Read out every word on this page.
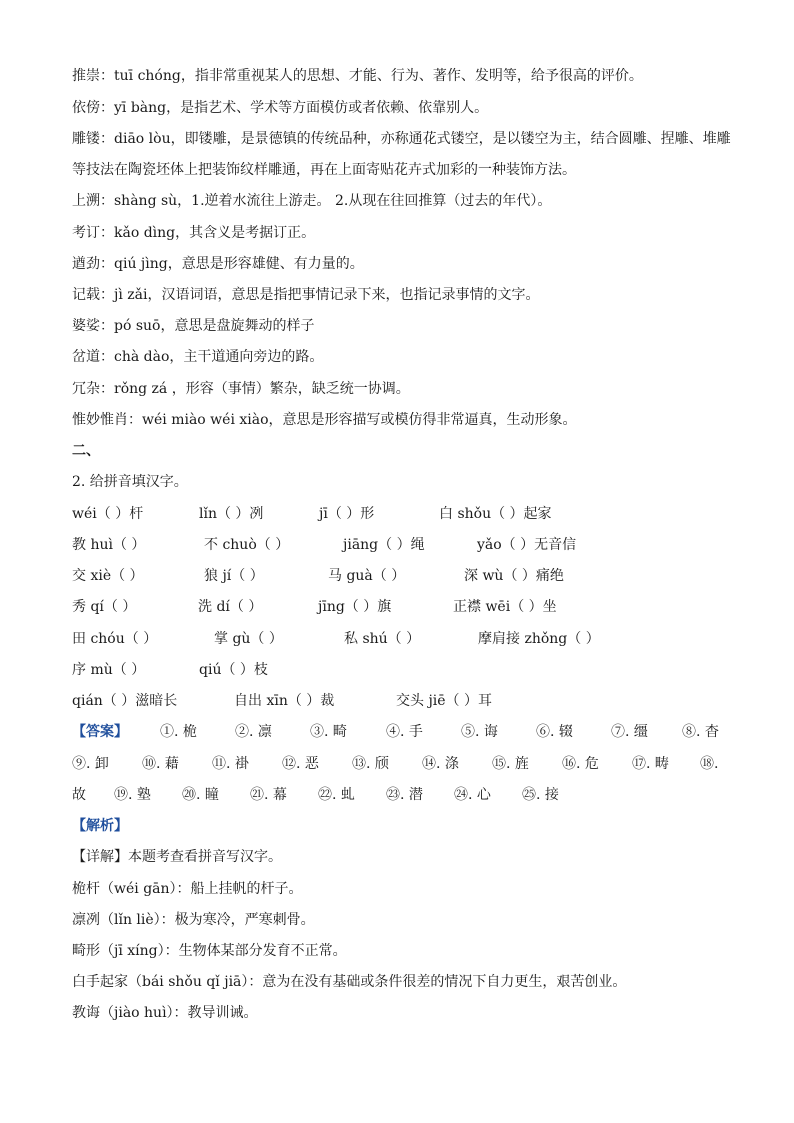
推崇：tuī chóng，指非常重视某人的思想、才能、行为、著作、发明等，给予很高的评价。
依傍：yī bàng，是指艺术、学术等方面模仿或者依赖、依靠别人。
雕镂：diāo lòu，即镂雕，是景德镇的传统品种，亦称通花式镂空，是以镂空为主，结合圆雕、捏雕、堆雕
等技法在陶瓷坯体上把装饰纹样雕通，再在上面寄贴花卉式加彩的一种装饰方法。
上溯：shàng sù，1.逆着水流往上游走。 2.从现在往回推算（过去的年代）。
考订：kǎo dìng，其含义是考据订正。
遒劲：qiú jìng，意思是形容雄健、有力量的。
记载：jì zǎi，汉语词语，意思是指把事情记录下来，也指记录事情的文字。
婆娑：pó suō，意思是盘旋舞动的样子
岔道：chà dào，主干道通向旁边的路。
冗杂：rǒng zá ，形容（事情）繁杂，缺乏统一协调。
惟妙惟肖：wéi miào wéi xiào，意思是形容描写或模仿得非常逼真，生动形象。
二、
2. 给拼音填汉字。
wéi（ ）杆	lǐn（ ）冽	jī（ ）形	白 shǒu（ ）起家
教 huì（ ）	不 chuò（ ）	jiāng（ ）绳	yǎo（ ）无音信
交 xiè（ ）	狼 jí（ ）	马 guà（ ）	深 wù（ ）痛绝
秀 qí（ ）	洗 dí（ ）	jīng（ ）旗	正襟 wēi（ ）坐
田 chóu（ ）	掌 gù（ ）	私 shú（ ）	摩肩接 zhǒng（ ）
序 mù（ ）	qiú（ ）枝
qián（ ）滋暗长	自出 xīn（ ）裁	交头 jiē（ ）耳
【答案】 ①. 桅	②. 凛	③. 畸	④. 手	⑤. 诲	⑥. 辍	⑦. 缰 ⑧. 杳
⑨. 卸 ⑩. 藉 ⑪. 褂 ⑫. 恶 ⑬. 颀 ⑭. 涤 ⑮. 旌 ⑯. 危 ⑰. 畴 ⑱.
故 ⑲. 塾 ⑳. 瞳 ㉑. 幕 ㉒. 虬 ㉓. 潜 ㉔. 心 ㉕. 接
【解析】
【详解】本题考查看拼音写汉字。
桅杆（wéi gān）：船上挂帆的杆子。
凛冽（lǐn liè）：极为寒冷，严寒刺骨。
畸形（jī xíng）：生物体某部分发育不正常。
白手起家（bái shǒu qǐ jiā）：意为在没有基础或条件很差的情况下自力更生，艰苦创业。
教诲（jiào huì）：教导训诫。
